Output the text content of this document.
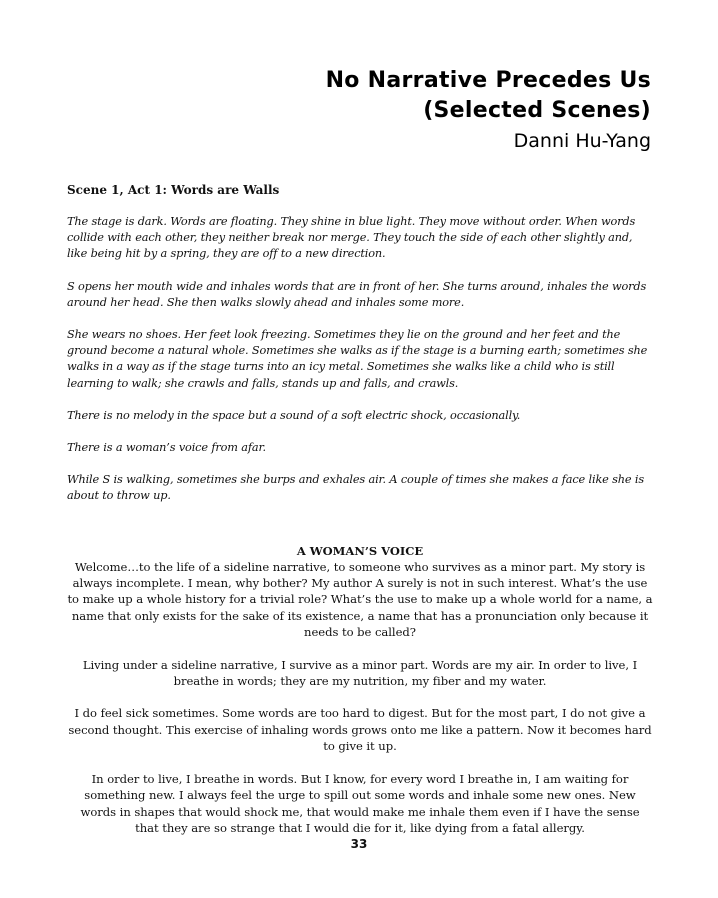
No Narrative Precedes Us
(Selected Scenes)
Danni Hu-Yang

Scene 1, Act 1: Words are Walls

The stage is dark. Words are floating. They shine in blue light. They move without order. When words collide with each other, they neither break nor merge. They touch the side of each other slightly and, like being hit by a spring, they are off to a new direction.

S opens her mouth wide and inhales words that are in front of her. She turns around, inhales the words around her head. She then walks slowly ahead and inhales some more.

She wears no shoes. Her feet look freezing. Sometimes they lie on the ground and her feet and the ground become a natural whole. Sometimes she walks as if the stage is a burning earth; sometimes she walks in a way as if the stage turns into an icy metal. Sometimes she walks like a child who is still learning to walk; she crawls and falls, stands up and falls, and crawls.

There is no melody in the space but a sound of a soft electric shock, occasionally.

There is a woman’s voice from afar.

While S is walking, sometimes she burps and exhales air. A couple of times she makes a face like she is about to throw up.

A WOMAN’S VOICE

Welcome…to the life of a sideline narrative, to someone who survives as a minor part. My story is always incomplete. I mean, why bother? My author A surely is not in such interest. What’s the use to make up a whole history for a trivial role? What’s the use to make up a whole world for a name, a name that only exists for the sake of its existence, a name that has a pronunciation only because it needs to be called?

Living under a sideline narrative, I survive as a minor part. Words are my air. In order to live, I breathe in words; they are my nutrition, my fiber and my water.

I do feel sick sometimes. Some words are too hard to digest. But for the most part, I do not give a second thought. This exercise of inhaling words grows onto me like a pattern. Now it becomes hard to give it up.

In order to live, I breathe in words. But I know, for every word I breathe in, I am waiting for something new. I always feel the urge to spill out some words and inhale some new ones. New words in shapes that would shock me, that would make me inhale them even if I have the sense that they are so strange that I would die for it, like dying from a fatal allergy.

33
